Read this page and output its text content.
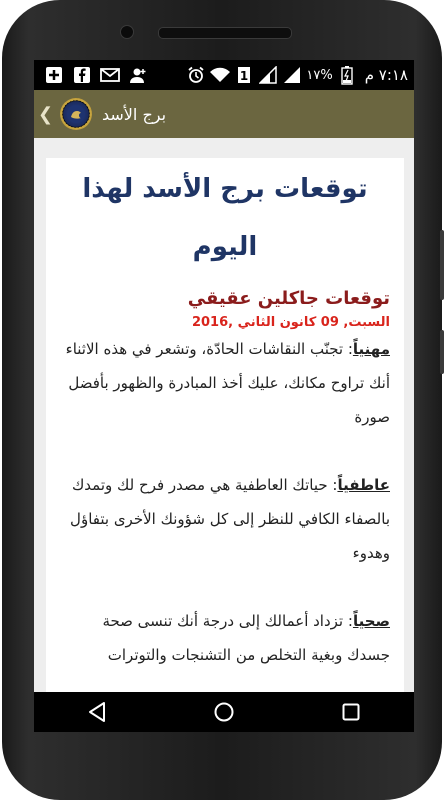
1	١٧% ٧:١٨ م
❮	برج الأسد
توقعات برج الأسد لهذا اليوم
توقعات جاكلين عقيقي
السبت, 09 كانون الثاني ,2016

مهنياً: تجنّب النقاشات الحادّة، وتشعر في هذه الاثناء أنك تراوح مكانك، عليك أخذ المبادرة والظهور بأفضل صورة

عاطفياً: حياتك العاطفية هي مصدر فرح لك وتمدك بالصفاء الكافي للنظر إلى كل شؤونك الأخرى بتفاؤل وهدوء

صحياً: تزداد أعمالك إلى درجة أنك تنسى صحة جسدك وبغية التخلص من التشنجات والتوترات
